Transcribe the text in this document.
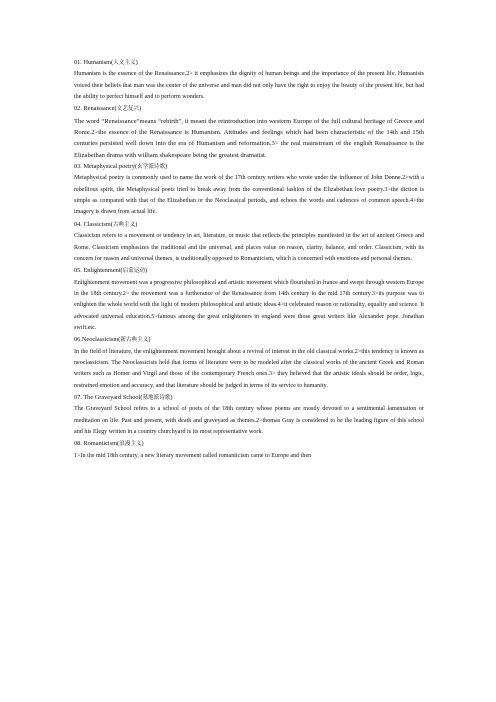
01. Humanism(人文主义)

Humanism is the essence of the Renaissance.2> it emphasizes the dignity of human beings and the importance of the present life. Humanists voiced their beliefs that man was the center of the universe and man did not only have the right to enjoy the beauty of the present life, but had the ability to perfect himself and to perform wonders.

02. Renaissance(文艺复兴)

The word “Renaissance”means “rebirth”, it meant the reintroduction into westerm Europe of the full cultural heritage of Greece and Rome.2>the essence of the Renaissance is Humanism. Attitudes and feelings which had been characteristic of the 14th and 15th centuries persisted well down into the era of Humanism and reformation.3> the real mainstream of the english Renaissance is the Elizabethan drama with william shakespeare being the greatest dramatist.

03. Metaphysical poetry(玄学派诗歌)

Metaphysical poetry is commonly used to name the work of the 17th century writers who wrote under the influence of John Donne.2>with a rebellious spirit, the Metaphysical poets tried to break away from the conventional fashion of the Elizabethan love poetry.3>the diction is simple as compared with that of the Elizabethan or the Neoclassical periods, and echoes the words and cadences of common speech.4>the imagery is drawn from actual life.

04. Classicism(古典主义)

Classicism refers to a movement or tendency in art, literature, or music that reflects the principles manifested in the art of ancient Greece and Rome. Classicism emphasizes the traditional and the universal, and places value on reason, clarity, balance, and order. Classicism, with its concern for reason and universal themes, is traditionally opposed to Romanticism, which is concerned with emotions and personal themes.

05. Enlightenment(启蒙运动)

Enlightenment movement was a progressive philosophical and artistic movement which flourished in france and swept through western Europe in the 18th century.2> the movement was a furtherance of the Renaissance from 14th century to the mid 17th century.3>its purpose was to enlighten the whole world with the light of modern philosophical and artistic ideas.4>it celebrated reason or rationality, equality and science. It advocated universal education.5>famous among the great enlighteners in england were those great writers like Alexander pope. Jonathan swift.etc.

06.Neoclassicism(新古典主义)

In the field of literature, the enlightenment movement brought about a revival of interest in the old classical works.2>this tendency is known as neoclassicism. The Neoclassicists held that forms of literature were to be modeled after the classical works of the ancient Greek and Roman writers such as Homer and Virgil and those of the contemporary French ones.3> they believed that the artistic ideals should be order, logic, restrained emotion and accuracy, and that literature should be judged in terms of its service to humanity.

07. The Graveyard School(墓地派诗歌)

The Graveyard School refers to a school of poets of the 18th century whose poems are mostly devoted to a sentimental lamentation or meditation on life. Past and present, with death and graveyard as themes.2>thomas Gray is considered to be the leading figure of this school and his Elegy written in a country churchyard is its most representative work.

08. Romanticism(浪漫主义)

1>In the mid 18th century, a new literary movement called romanticism came to Europe and then
